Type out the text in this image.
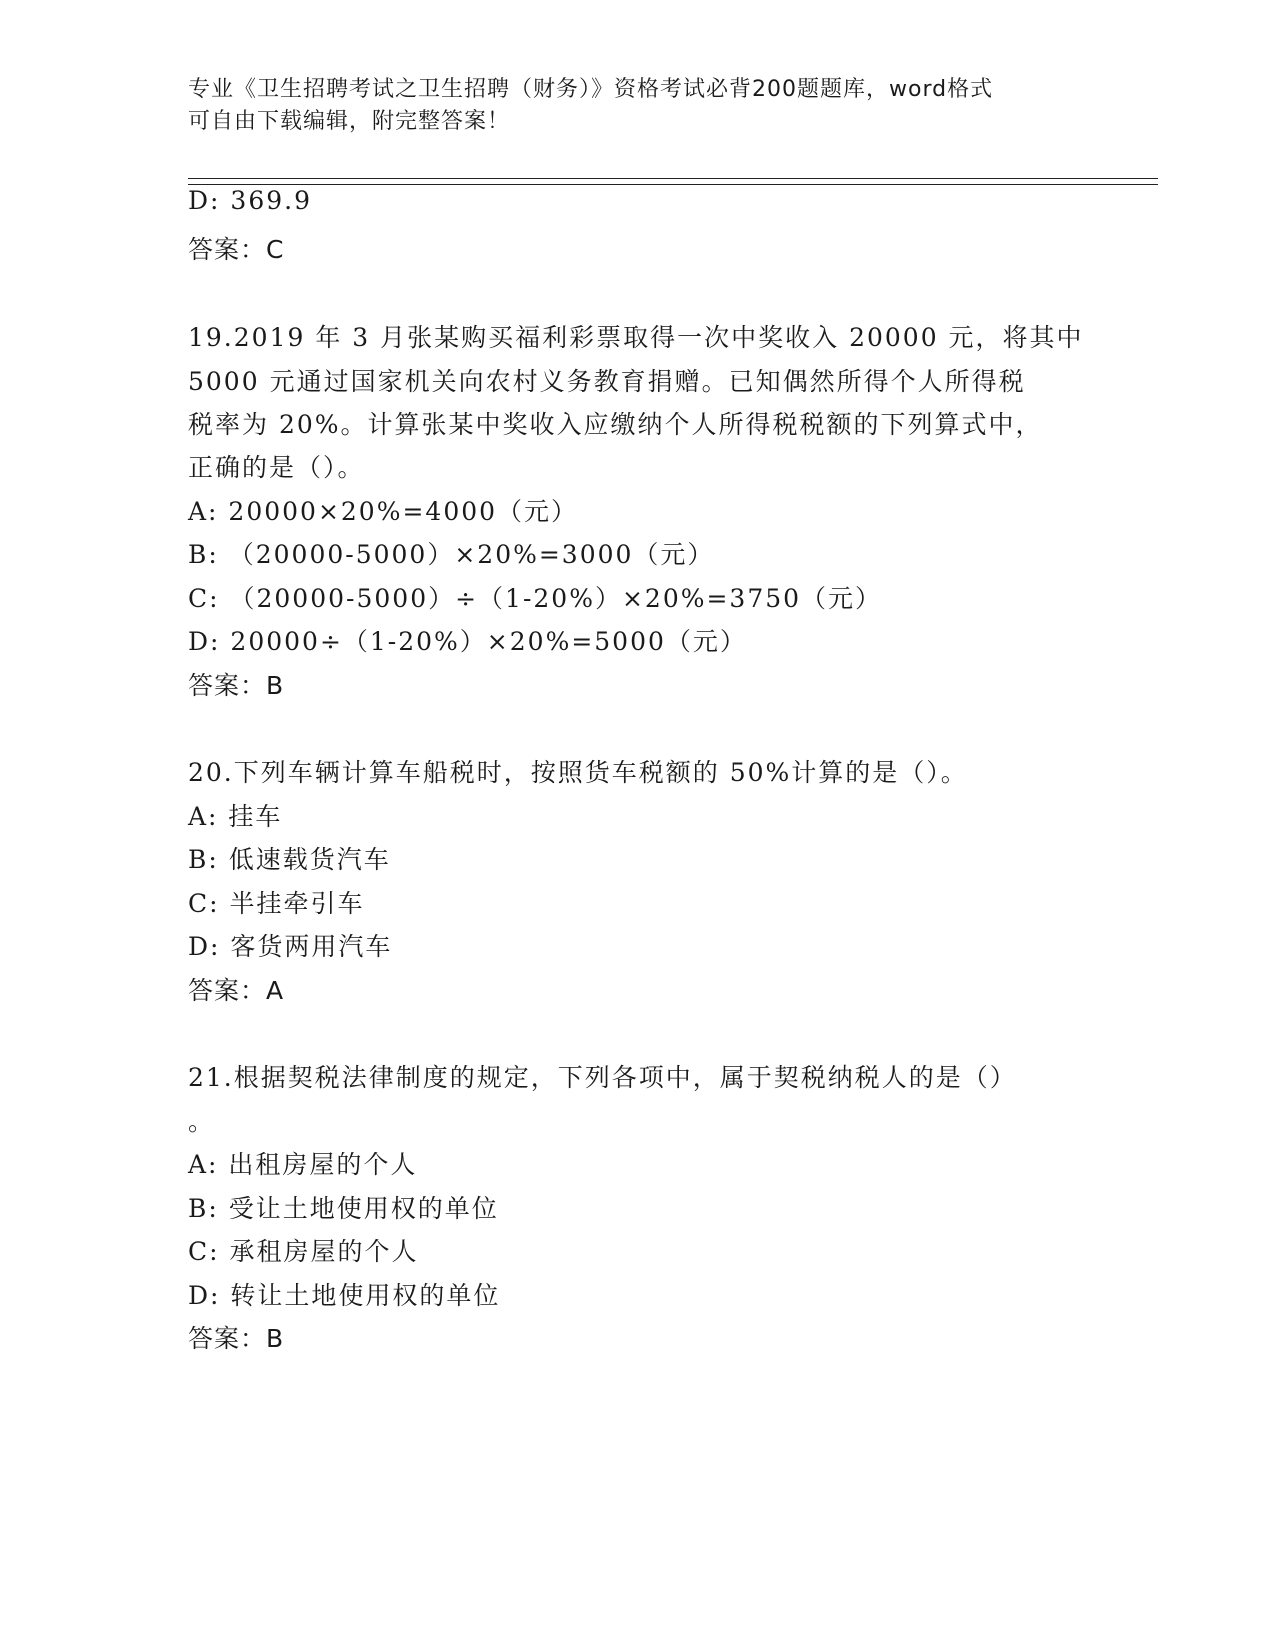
专业《卫生招聘考试之卫生招聘（财务）》资格考试必背200题题库，word格式
可自由下载编辑，附完整答案！
D: 369.9
答案：C
19.2019 年 3 月张某购买福利彩票取得一次中奖收入 20000 元，将其中
5000 元通过国家机关向农村义务教育捐赠。已知偶然所得个人所得税
税率为 20%。计算张某中奖收入应缴纳个人所得税税额的下列算式中，
正确的是（）。
A: 20000×20%=4000（元）
B: （20000-5000）×20%=3000（元）
C: （20000-5000）÷（1-20%）×20%=3750（元）
D: 20000÷（1-20%）×20%=5000（元）
答案：B
20.下列车辆计算车船税时，按照货车税额的 50%计算的是（）。
A: 挂车
B: 低速载货汽车
C: 半挂牵引车
D: 客货两用汽车
答案：A
21.根据契税法律制度的规定，下列各项中，属于契税纳税人的是（）
。
A: 出租房屋的个人
B: 受让土地使用权的单位
C: 承租房屋的个人
D: 转让土地使用权的单位
答案：B
